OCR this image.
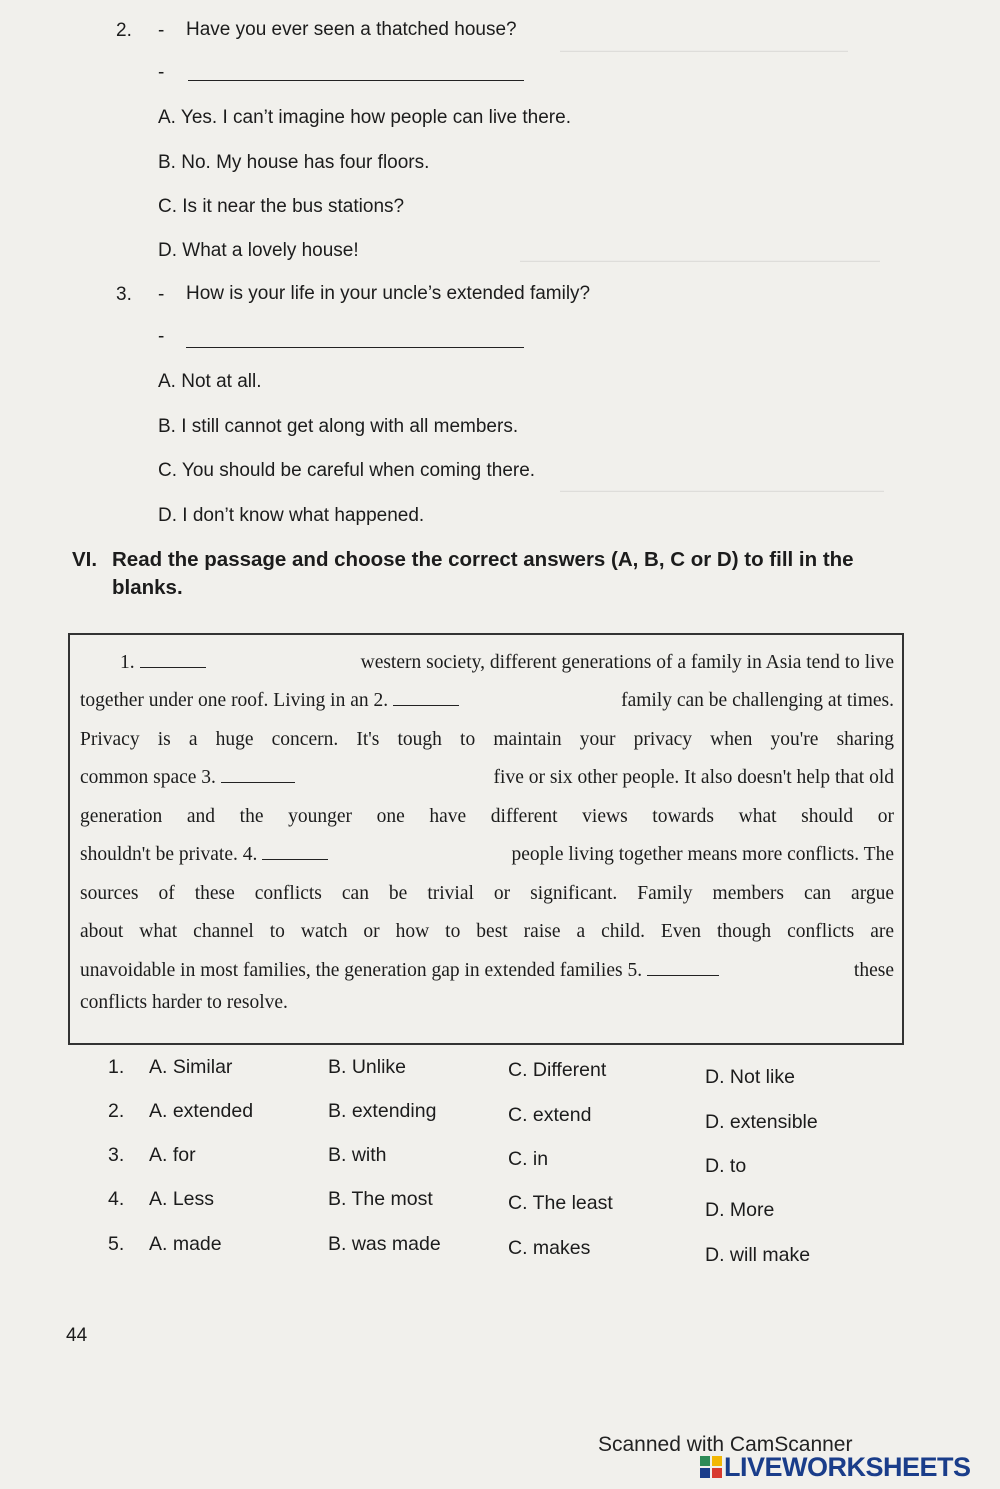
————————————————
————————————————————
——————————————————
2. - Have you ever seen a thatched house?
-
A. Yes. I can’t imagine how people can live there.
B. No. My house has four floors.
C. Is it near the bus stations?
D. What a lovely house!
3. - How is your life in your uncle’s extended family?
-
A. Not at all.
B. I still cannot get along with all members.
C. You should be careful when coming there.
D. I don’t know what happened.
VI. Read the passage and choose the correct answers (A, B, C or D) to fill in the blanks.
1.	western society, different generations of a family in Asia tend to live
together under one roof. Living in an 2.	family can be challenging at times.
Privacy is a huge concern. It's tough to maintain your privacy when you're sharing
common space 3.	five or six other people. It also doesn't help that old
generation and the younger one have different views towards what should or
shouldn't be private. 4.	people living together means more conflicts. The
sources of these conflicts can be trivial or significant. Family members can argue
about what channel to watch or how to best raise a child. Even though conflicts are
unavoidable in most families, the generation gap in extended families 5.	these
conflicts harder to resolve.
1. A. Similar	B. Unlike	C. Different	D. Not like
2. A. extended	B. extending	C. extend	D. extensible
3. A. for	B. with	C. in	D. to
4. A. Less	B. The most	C. The least	D. More
5. A. made	B. was made	C. makes	D. will make
44
Scanned with CamScanner
LIVEWORKSHEETS
